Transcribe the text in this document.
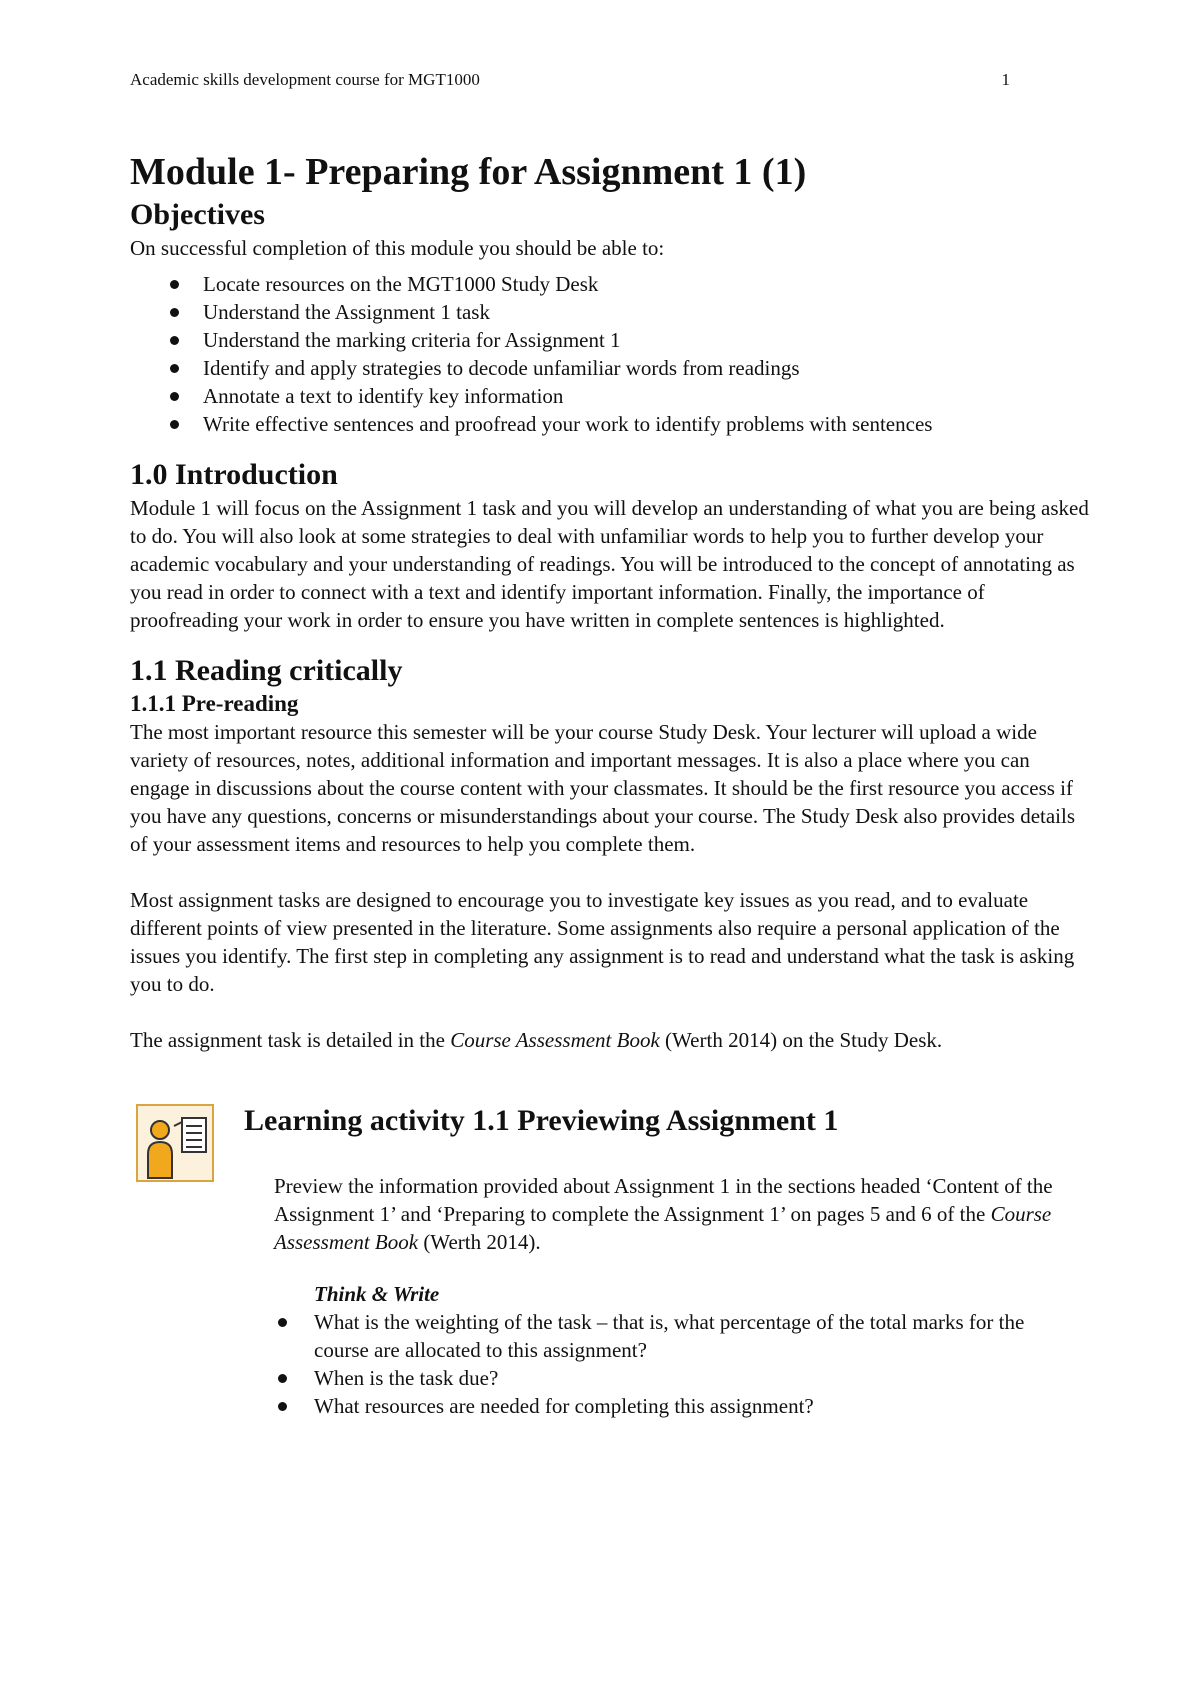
Academic skills development course for MGT1000	1
Module 1- Preparing for Assignment 1 (1)
Objectives

On successful completion of this module you should be able to:

Locate resources on the MGT1000 Study Desk
Understand the Assignment 1 task
Understand the marking criteria for Assignment 1
Identify and apply strategies to decode unfamiliar words from readings
Annotate a text to identify key information
Write effective sentences and proofread your work to identify problems with sentences
1.0 Introduction

Module 1 will focus on the Assignment 1 task and you will develop an understanding of what you are being asked to do. You will also look at some strategies to deal with unfamiliar words to help you to further develop your academic vocabulary and your understanding of readings. You will be introduced to the concept of annotating as you read in order to connect with a text and identify important information. Finally, the importance of proofreading your work in order to ensure you have written in complete sentences is highlighted.

1.1 Reading critically
1.1.1 Pre-reading

The most important resource this semester will be your course Study Desk. Your lecturer will upload a wide variety of resources, notes, additional information and important messages. It is also a place where you can engage in discussions about the course content with your classmates. It should be the first resource you access if you have any questions, concerns or misunderstandings about your course. The Study Desk also provides details of your assessment items and resources to help you complete them.

Most assignment tasks are designed to encourage you to investigate key issues as you read, and to evaluate different points of view presented in the literature. Some assignments also require a personal application of the issues you identify. The first step in completing any assignment is to read and understand what the task is asking you to do.

The assignment task is detailed in the Course Assessment Book (Werth 2014) on the Study Desk.

Learning activity 1.1 Previewing Assignment 1

Preview the information provided about Assignment 1 in the sections headed ‘Content of the Assignment 1’ and ‘Preparing to complete the Assignment 1’ on pages 5 and 6 of the Course Assessment Book (Werth 2014).

Think & Write
What is the weighting of the task – that is, what percentage of the total marks for the course are allocated to this assignment?
When is the task due?
What resources are needed for completing this assignment?
